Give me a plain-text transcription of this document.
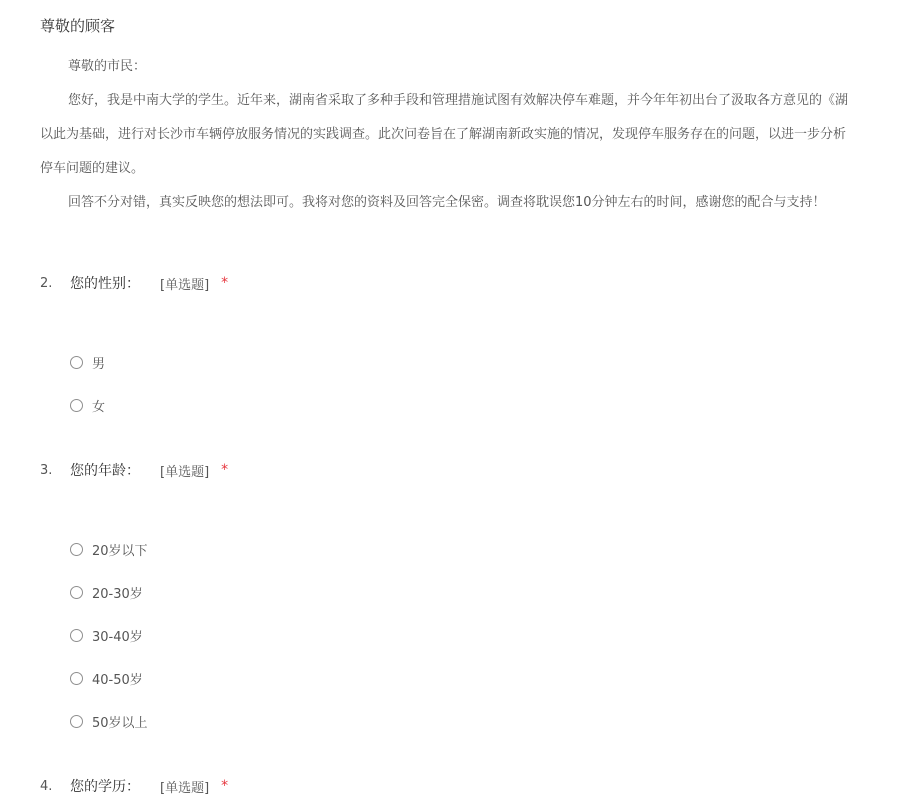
尊敬的顾客
尊敬的市民：
您好，我是中南大学的学生。近年来，湖南省采取了多种手段和管理措施试图有效解决停车难题，并今年年初出台了汲取各方意见的《湖
以此为基础，进行对长沙市车辆停放服务情况的实践调查。此次问卷旨在了解湖南新政实施的情况，发现停车服务存在的问题，以进一步分析
停车问题的建议。
回答不分对错，真实反映您的想法即可。我将对您的资料及回答完全保密。调查将耽误您10分钟左右的时间，感谢您的配合与支持！
2.	您的性别： [单选题] *
男
女
3.	您的年龄： [单选题] *
20岁以下
20-30岁
30-40岁
40-50岁
50岁以上
4.	您的学历： [单选题] *
